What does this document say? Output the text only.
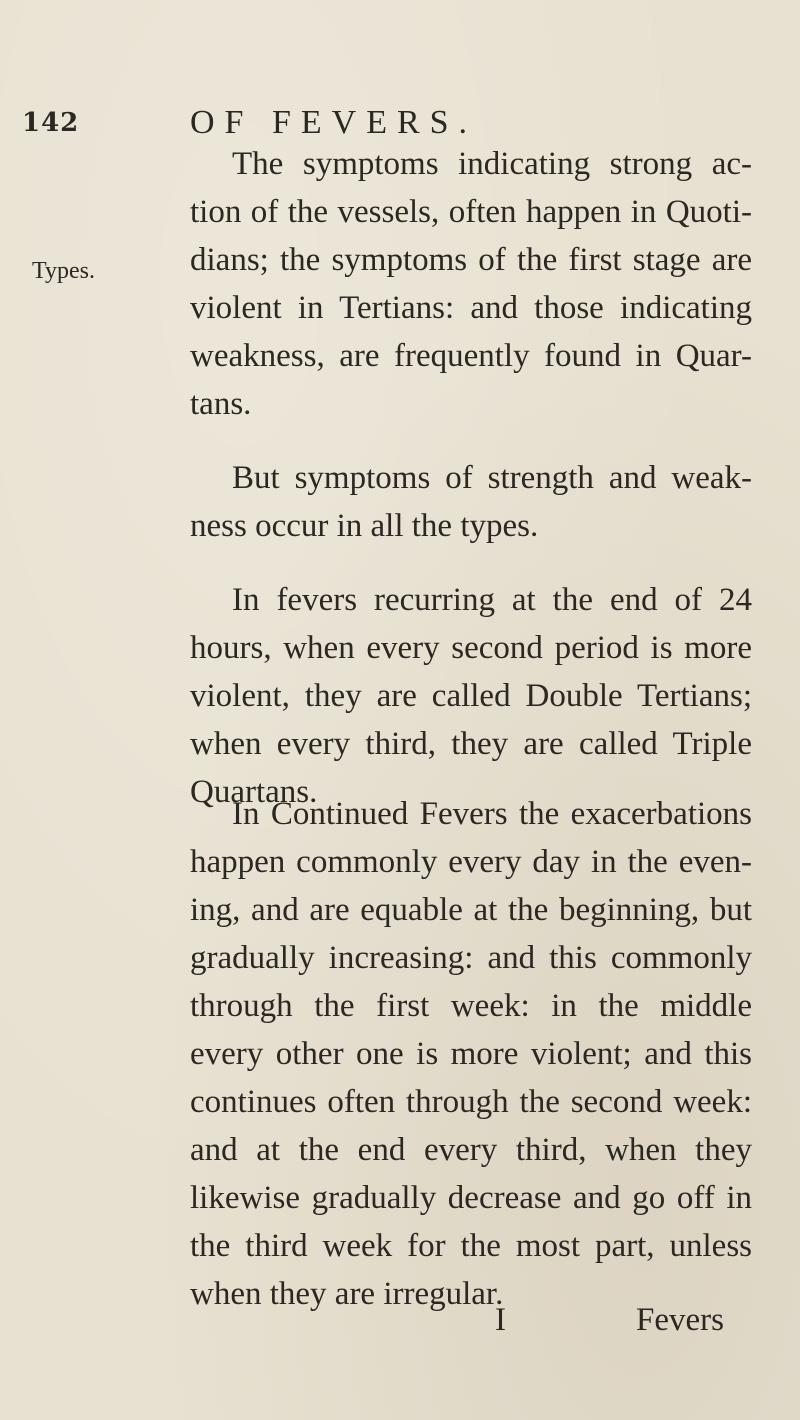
142	OF FEVERS.
Types.
The symptoms indicating strong ac-
tion of the vessels, often happen in Quoti-
dians; the symptoms of the first stage are
violent in Tertians: and those indicating
weakness, are frequently found in Quar-
tans.
But symptoms of strength and weak-
ness occur in all the types.
In fevers recurring at the end of 24
hours, when every second period is more
violent, they are called Double Tertians;
when every third, they are called Triple
Quartans.
In Continued Fevers the exacerbations
happen commonly every day in the even-
ing, and are equable at the beginning, but
gradually increasing: and this commonly
through the first week: in the middle
every other one is more violent; and this
continues often through the second week:
and at the end every third, when they
likewise gradually decrease and go off in
the third week for the most part, unless
when they are irregular.
I	Fevers
